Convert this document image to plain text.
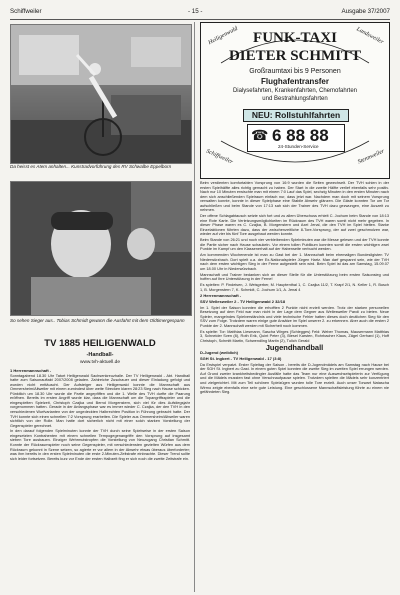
Schiffweiler	- 15 -	Ausgabe 37/2007
Da heisst es Atem anhalten... Kunstradvorführung des RV Schwalbe Eppelborn
So sehen Sieger aus.. Tobias Schmidt gewann die Ausfahrt mit dem Oldtimergespann
TV 1885 HEILIGENWALD
-Handball-
www.tvh-aktuell.de

1 Herrenmannschaft -

Sonntagabend 18.30 Uhr Tatort Heiligenwald Sachsenkreuzhalle. Der TV Heiligenwald - Abt. Handball hatte zum Saisonauftakt 2007/2008 geladen. Zahlreiche Zuschauer und dieser Einladung gefolgt und wurden nicht enttäuscht. Der Aufsteiger aus Heiligenwald konnte die Mannschaft aus Ommersheim/Altweiler mit einem zumindest über weite Strecken klaren 28:23 Sieg nach Hause schicken. Pünktlich um 18.30 Uhr wurde die Partie angepfiffen und die 1. Welle des TVH durfte die Paarung eröffnen. Bereits im ersten Angriff wurde klar, dass die Mannschaft um die Topangriffsspieler und die eingespielten Spielzeit, Christoph Czajka und Bernd Morgenstern, sich viel für dies Aufstiegsjahr vorgenommen hatten. Gerade in der Anfangsphase war es immer wieder C. Czajka, der den TVH in den verschiedenen Wurfvarianten von der ungedeckten Halbrechten Position in Führung gebracht hatte. Der TVH konnte sich einen schnellen 7:2 Vorsprung erarbeiten. Die Spieler aus Ommersheim/Altweiler waren sichtlich von der Rolle. Man hatte dort sicherlich nicht mit einer solch starken Vorstellung der Gegenspieler gerechnet.

In den darauf folgenden Spielminuten konnte der TVH durch seine Spielweise in der ersten Saison eingesetzten Kontrahenten mit einem schnellen Tempogegenangriffe den Vorsprung auf insgesamt sieben Tore ausbauen. Einziger Wehrmutstropfen die Vorstellung von Neuzugang Christian Schmitt. Konnte der Rückraumspieler noch seine Gegenspieler, mit verschiedensten gezielten Würfen aus dem Rückraum gekonnt in Szene setzen, so agierte er vor allem in der Abwehr etwas überaus überforderter; was ihm bereits in den ersten Spielminuten die erste 2-Minuten-Zeitstrafe einbrachte. Dieser Trend sollte sich leider fortsetzen. Bereits kurz vor Ende der ersten Halbzeit fing er sich noch die zweite Zeitstrafe ein.

Heiligenwald	Landsweiler
Schiffweiler	Stennweiler
FUNK-TAXI
DIETER SCHMITT
Großraumtaxi bis 9 Personen
Flughafentransfer
Dialysefahrten, Krankenfahrten, Chemofahrten
und Bestrahlungsfahrten
NEU: Rollstuhlfahrten
☎ 6 88 88
24-Stunden-Service

Beim verdienten komfortablen Vorsprung von 16:9 wurden die Seiten gewechselt. Der TVH schien in der ersten Spielhälfte alles richtig gemacht zu haben. Der Start in die zweite Hälfte verlief ebenfalls sehr positiv. Nach nur 10 Minuten erwischte man mit einem 7:0 Lauf das Spiel, sechzig Minuten in den ersten Minuten nach dem sich anschließenden Spielraum einfach nur, dass jetzt war. Nachdem man doch mit seinem Vorsprung verwalten konnte, konnte in dieser Spielphase eine Stabile Abwehr glänzen. Die Gäste konnten Tor um Tor aufschließen und beim Stande von 17:13 sah sich der Trainer des TVH dazu gezwungen, eine Auszeit zu nehmen.

Der offene Schlagabtausch setzte sich fort und zu allem Überschuss erhielt C. Jochum beim Stande von 18:13 eine Rote Karte. Die Verletzungsmöglichkeiten im Rückraum des TVH waren somit nicht mehr gegeben. In dieser Phase waren es C. Czajka, B. Morgenstern und Axel Jenal, die den TVH im Spiel hielten. Starke Einzelaktionen führten dazu, dass der zwischenzeitliche 8-Tore-Vorsprung, der auf zwei geschmolzen war, wieder auf vier bis fünf Tore ausgebaut werden konnte.

Beim Stande von 26:21 und noch vier verbleibenden Spielminuten war die Messe gelesen und der TVH konnte die Partie sicher nach Hause schaukeln. Vor einem tollen Publikum konnten somit die ersten wichtigen zwei Punkte im Kampf um den Klassenerhalt auf der Habenseite verbucht werden.

Am kommenden Wochenende ist man zu Gast bei der 1. Mannschaft beim ehemaligen Bundesligisten TV Niederwürzbach. Dort spielt u.a. der Ex-Nationalspieler Jürgen Hartz. Man darf gespannt sein, wie der TVH nach dem ersten wichtigen Sieg in der Ferne aufgestellt sein wird. Beim Spiel ist das am Samstag, 15.09.07 um 18.00 Uhr in Niederwürzbach.

Mannschaft und Trainer bedanken sich an dieser Stelle für die Unterstützung beim ersten Saisonsieg und hoffen auf Ihre Unterstützung in der Ferne!

Es spielten: P. Findeisen, J. Weisgerber, M. Hauptenthal 1, C. Czajka 11/2, T. Krapf 2/1, N. Keller 1, R. Busch 1, B. Morgenstern 7, K. Schmidt, C. Jochum 1/1, A. Jenal 4

2 Herrenmannschaft -

SSV Wellesweiler 2 - TV Heiligenwald 2 32/18

Im 1. Spiel der Saison konnten die erhofften 2 Punkte nicht erzielt werden. Trotz der starken personellen Besetzung auf dem Feld war man nicht in der Lage dem Gegner aus Wellesweiler Paroli zu bieten. Neue Spieler, mangelndes Spielverständnis und viele technische Fehler hatten dieses doch deutlichen Sieg für den SSV zum Folge. Trotzdem waren einige gute Ansätze im Spiel unserer 2. zu erkennen. Aber auch die ersten 2 Punkte der 2. Mannschaft werden mit Sicherheit noch kommen.

Es spielte: Tor: Matthias Liesmann, Sascha Wirges (Schlegges) Feld: Weber Thomas, Mausermann Matthias 3, Schneider Sven (8), Roth Erik, Quint Peter (3), Biesel Karsten, Rohrbacher Klaus, Zägel Gerhard (1), Hoff Christoph, Schmitt Martin, Schwendling Martin (2), Tulich Gerald

Jugendhandball

D-Jugend (weiblich)

SGH St. Ingbert - TV Heiligenwald - 17 (3:8)

Da Erstspiel verpatzt. Erster Spieltag der Saison - bereits die D-Jugendmädels am Samstag nach Hause bei der SGH St. Ingbert zu Gast. In einem guten Spiel konnten die zweite Sieg im zweiten Spiel errungen werden. Auf Grund zweier krankheitsbedingter Ausfälle hatte das Team nur eine Auswechselspielerin zur Verfügung und die Mädels mussten fast ohne Verschnaufpause spielen. Trotzdem spielten die Mädels sehr konzentriert und zielgerichtet. Mit zum Teil schönen Spielzügen wurden tolle Tore erzielt. Auch unser Torwart Natascha Wirmo zeigte ebenfalls eine sehr gute Leistung. Eine geschlossene Mannschaftsleistung führte zu einem nie gefährdeten Sieg.
